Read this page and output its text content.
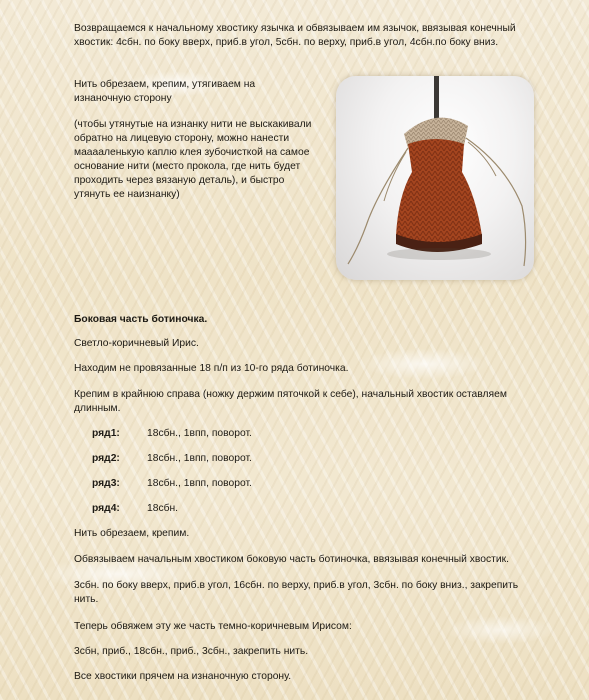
Возвращаемся к начальному хвостику язычка и обвязываем им язычок, ввязывая конечный хвостик: 4сбн. по боку вверх, приб.в угол, 5сбн. по верху, приб.в угол, 4сбн.по боку вниз.

Нить обрезаем, крепим, утягиваем на изнаночную сторону

(чтобы утянутые на изнанку нити не выскакивали обратно на лицевую сторону, можно нанести мааааленькую каплю клея зубочисткой на самое основание нити (место прокола, где нить будет проходить через вязаную деталь), и быстро утянуть ее наизнанку)

Боковая часть ботиночка.

Светло-коричневый Ирис.

Находим не провязанные 18 п/п из 10-го ряда ботиночка.

Крепим в крайнюю справа (ножку держим пяточкой к себе), начальный хвостик оставляем длинным.

ряд1:	18сбн., 1впп, поворот.
ряд2:	18сбн., 1впп, поворот.
ряд3:	18сбн., 1впп, поворот.
ряд4:	18сбн.

Нить обрезаем, крепим.

Обвязываем начальным хвостиком боковую часть ботиночка, ввязывая конечный хвостик.

3сбн. по боку вверх, приб.в угол, 16сбн. по верху, приб.в угол, 3сбн. по боку вниз., закрепить нить.

Теперь обвяжем эту же часть темно-коричневым Ирисом:

3сбн, приб., 18сбн., приб., 3сбн., закрепить нить.

Все хвостики прячем на изнаночную сторону.
